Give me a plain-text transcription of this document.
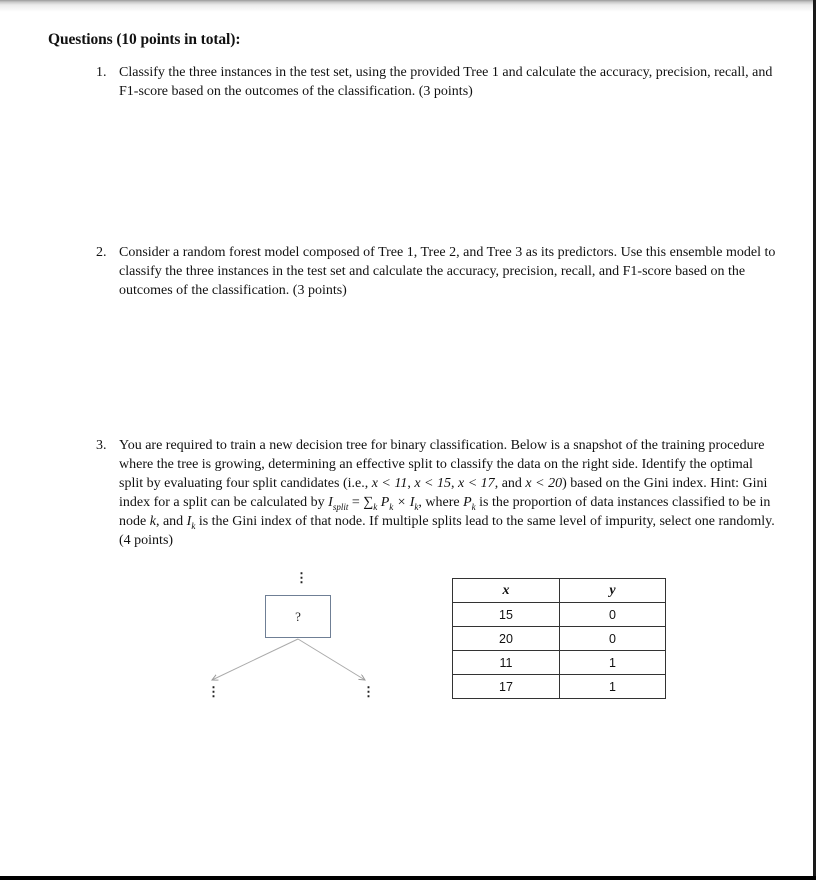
Questions (10 points in total):
1. Classify the three instances in the test set, using the provided Tree 1 and calculate the accuracy, precision, recall, and F1-score based on the outcomes of the classification. (3 points)
2. Consider a random forest model composed of Tree 1, Tree 2, and Tree 3 as its predictors. Use this ensemble model to classify the three instances in the test set and calculate the accuracy, precision, recall, and F1-score based on the outcomes of the classification. (3 points)
3. You are required to train a new decision tree for binary classification. Below is a snapshot of the training procedure where the tree is growing, determining an effective split to classify the data on the right side. Identify the optimal split by evaluating four split candidates (i.e., x < 11, x < 15, x < 17, and x < 20) based on the Gini index. Hint: Gini index for a split can be calculated by $I_{split} = \sum_k$ $P_k \times I_k$, where $P_k$ is the proportion of data instances classified to be in node k, and $I_k$ is the Gini index of that node. If multiple splits lead to the same level of impurity, select one randomly. (4 points)
⋮
?
⋮	⋮
x	y
15	0
20	0
11	1
17	1
